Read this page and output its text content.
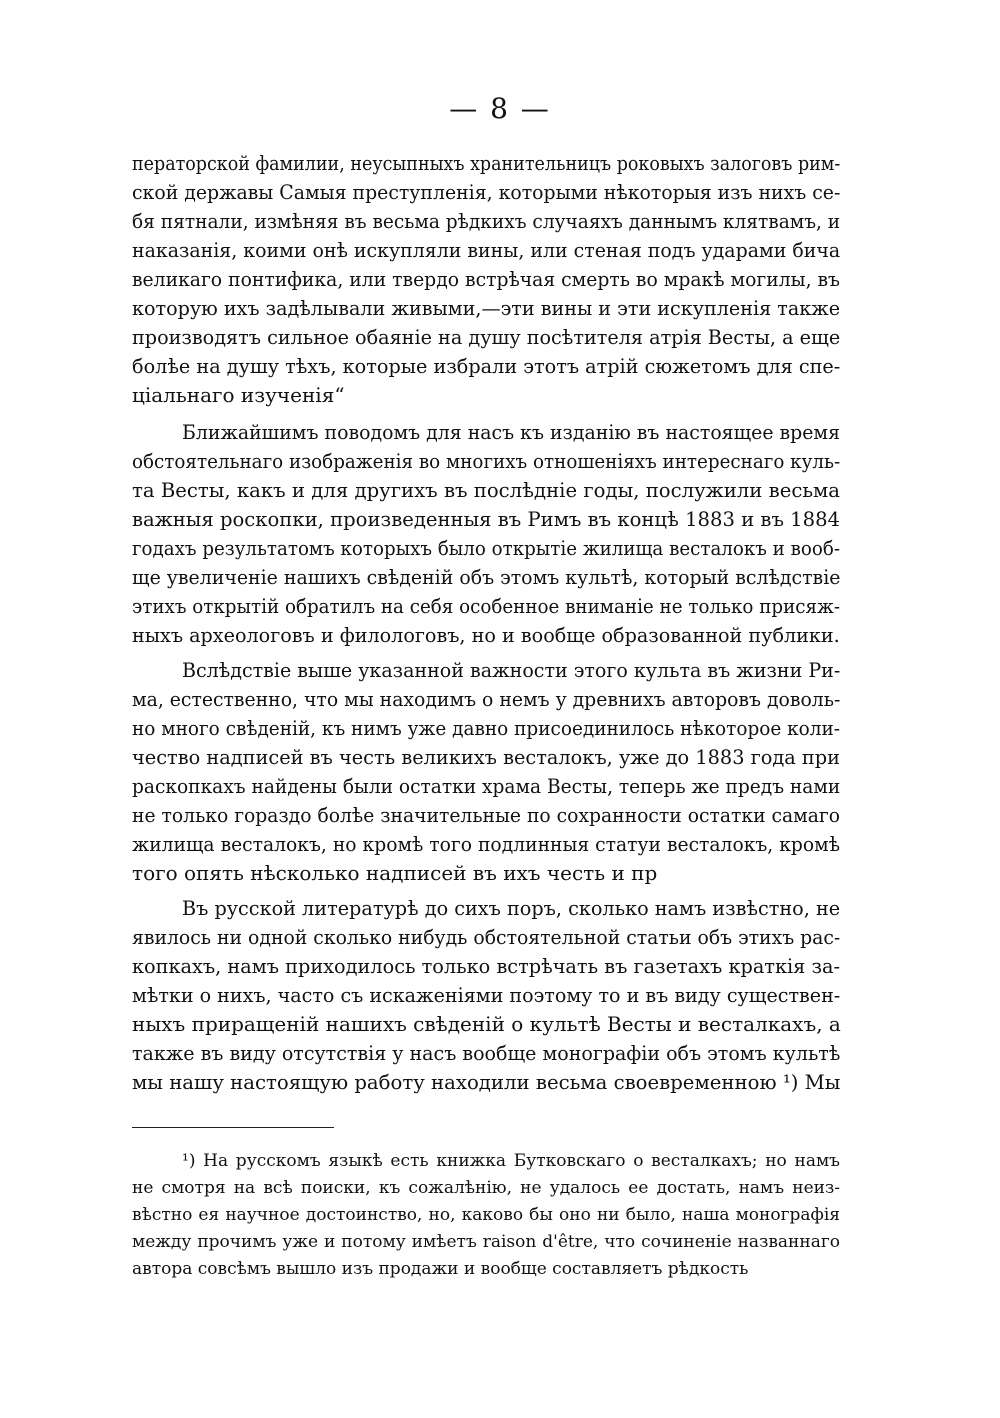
— 8 —
ператорской фамилии, неусыпныхъ хранительницъ роковыхъ залоговъ рим-
ской державы Самыя преступленія, которыми нѣкоторыя изъ нихъ се-
бя пятнали, измѣняя въ весьма рѣдкихъ случаяхъ даннымъ клятвамъ, и
наказанія, коими онѣ искупляли вины, или стеная подъ ударами бича
великаго понтифика, или твердо встрѣчая смерть во мракѣ могилы, въ
которую ихъ задѣлывали живыми,—эти вины и эти искупленія также
производятъ сильное обаяніе на душу посѣтителя атрія Весты, а еще
болѣе на душу тѣхъ, которые избрали этотъ атрій сюжетомъ для спе-
ціальнаго изученія“
Ближайшимъ поводомъ для насъ къ изданію въ настоящее время
обстоятельнаго изображенія во многихъ отношеніяхъ интереснаго куль-
та Весты, какъ и для другихъ въ послѣдніе годы, послужили весьма
важныя роскопки, произведенныя въ Римъ въ концѣ 1883 и въ 1884
годахъ результатомъ которыхъ было открытіе жилища весталокъ и вооб-
ще увеличеніе нашихъ свѣденій объ этомъ культѣ, который вслѣдствіе
этихъ открытій обратилъ на себя особенное вниманіе не только присяж-
ныхъ археологовъ и филологовъ, но и вообще образованной публики.
Вслѣдствіе выше указанной важности этого культа въ жизни Ри-
ма, естественно, что мы находимъ о немъ у древнихъ авторовъ доволь-
но много свѣденій, къ нимъ уже давно присоединилось нѣкоторое коли-
чество надписей въ честь великихъ весталокъ, уже до 1883 года при
раскопкахъ найдены были остатки храма Весты, теперь же предъ нами
не только гораздо болѣе значительные по сохранности остатки самаго
жилища весталокъ, но кромѣ того подлинныя статуи весталокъ, кромѣ
того опять нѣсколько надписей въ ихъ честь и пр
Въ русской литературѣ до сихъ поръ, сколько намъ извѣстно, не
явилось ни одной сколько нибудь обстоятельной статьи объ этихъ рас-
копкахъ, намъ приходилось только встрѣчать въ газетахъ краткія за-
мѣтки о нихъ, часто съ искаженіями поэтому то и въ виду существен-
ныхъ приращеній нашихъ свѣденій о культѣ Весты и весталкахъ, а
также въ виду отсутствія у насъ вообще монографіи объ этомъ культѣ
мы нашу настоящую работу находили весьма своевременною ¹) Мы
¹) На русскомъ языкѣ есть книжка Бутковскаго о весталкахъ; но намъ
не смотря на всѣ поиски, къ сожалѣнію, не удалось ее достать, намъ неиз-
вѣстно ея научное достоинство, но, каково бы оно ни было, наша монографія
между прочимъ уже и потому имѣетъ raison d'être, что сочиненіе названнаго
автора совсѣмъ вышло изъ продажи и вообще составляетъ рѣдкость
